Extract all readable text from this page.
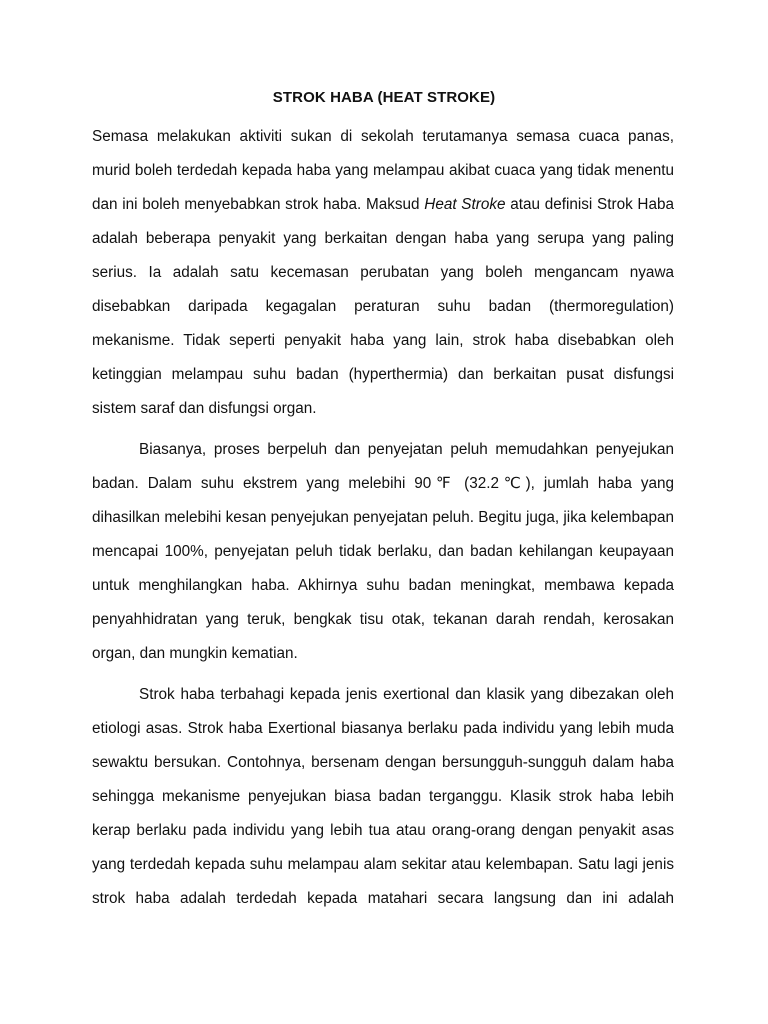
STROK HABA (HEAT STROKE)

Semasa melakukan aktiviti sukan di sekolah terutamanya semasa cuaca panas, murid boleh terdedah kepada haba yang melampau akibat cuaca yang tidak menentu dan ini boleh menyebabkan strok haba. Maksud Heat Stroke atau definisi Strok Haba adalah beberapa penyakit yang berkaitan dengan haba yang serupa yang paling serius. Ia adalah satu kecemasan perubatan yang boleh mengancam nyawa disebabkan daripada kegagalan peraturan suhu badan (thermoregulation) mekanisme. Tidak seperti penyakit haba yang lain, strok haba disebabkan oleh ketinggian melampau suhu badan (hyperthermia) dan berkaitan pusat disfungsi sistem saraf dan disfungsi organ.

Biasanya, proses berpeluh dan penyejatan peluh memudahkan penyejukan badan. Dalam suhu ekstrem yang melebihi 90℉ (32.2℃), jumlah haba yang dihasilkan melebihi kesan penyejukan penyejatan peluh. Begitu juga, jika kelembapan mencapai 100%, penyejatan peluh tidak berlaku, dan badan kehilangan keupayaan untuk menghilangkan haba. Akhirnya suhu badan meningkat, membawa kepada penyahhidratan yang teruk, bengkak tisu otak, tekanan darah rendah, kerosakan organ, dan mungkin kematian.

Strok haba terbahagi kepada jenis exertional dan klasik yang dibezakan oleh etiologi asas. Strok haba Exertional biasanya berlaku pada individu yang lebih muda sewaktu bersukan. Contohnya, bersenam dengan bersungguh-sungguh dalam haba sehingga mekanisme penyejukan biasa badan terganggu. Klasik strok haba lebih kerap berlaku pada individu yang lebih tua atau orang-orang dengan penyakit asas yang terdedah kepada suhu melampau alam sekitar atau kelembapan. Satu lagi jenis strok haba adalah terdedah kepada matahari secara langsung dan ini adalah
